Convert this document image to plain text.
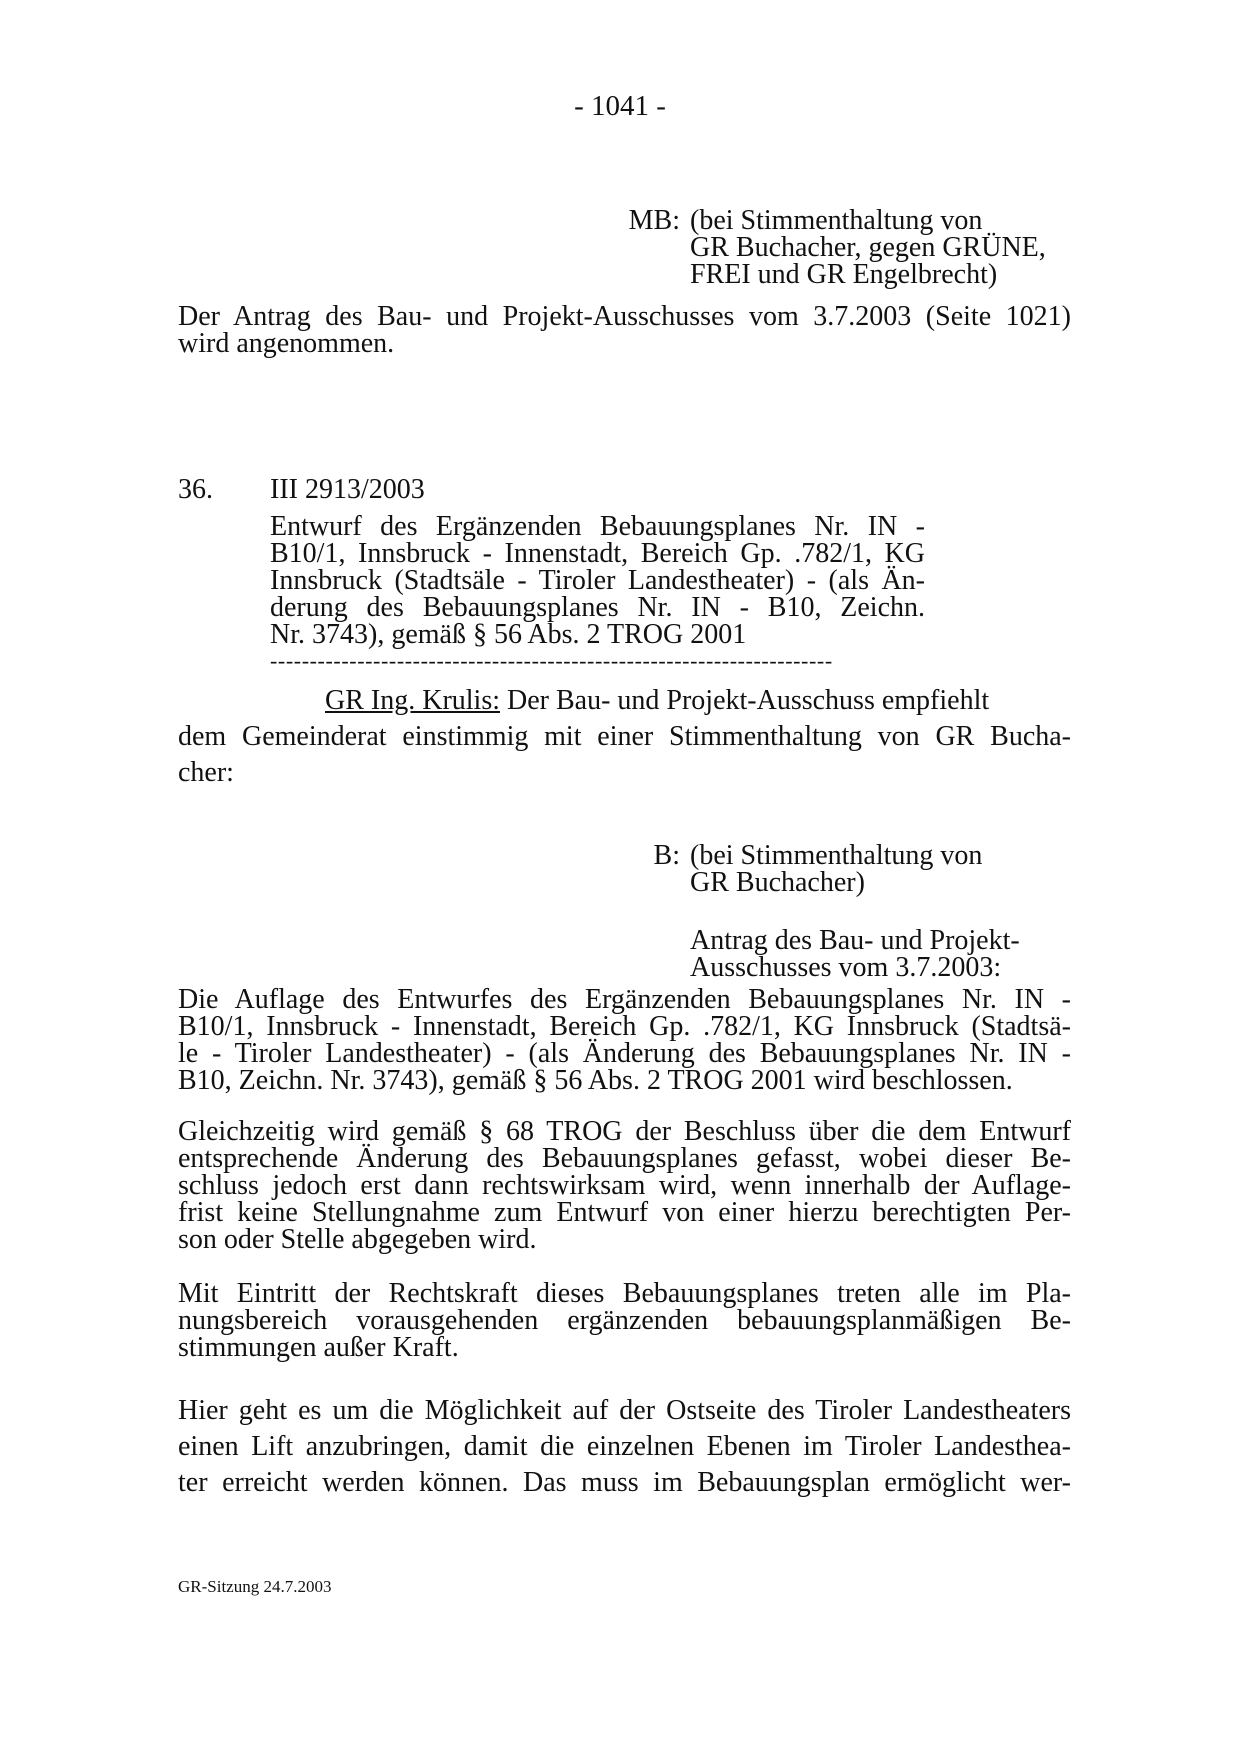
- 1041 -
MB: (bei Stimmenthaltung von
GR Buchacher, gegen GRÜNE,
FREI und GR Engelbrecht)
Der Antrag des Bau- und Projekt-Ausschusses vom 3.7.2003 (Seite 1021)
wird angenommen.
36. III 2913/2003
Entwurf des Ergänzenden Bebauungsplanes Nr. IN -
B10/1, Innsbruck - Innenstadt, Bereich Gp. .782/1, KG
Innsbruck (Stadtsäle - Tiroler Landestheater) - (als Än-
derung des Bebauungsplanes Nr. IN - B10, Zeichn.
Nr. 3743), gemäß § 56 Abs. 2 TROG 2001
-----------------------------------------------------------------------
GR Ing. Krulis: Der Bau- und Projekt-Ausschuss empfiehlt
dem Gemeinderat einstimmig mit einer Stimmenthaltung von GR Bucha-
cher:
B: (bei Stimmenthaltung von
GR Buchacher)
Antrag des Bau- und Projekt-
Ausschusses vom 3.7.2003:
Die Auflage des Entwurfes des Ergänzenden Bebauungsplanes Nr. IN -
B10/1, Innsbruck - Innenstadt, Bereich Gp. .782/1, KG Innsbruck (Stadtsä-
le - Tiroler Landestheater) - (als Änderung des Bebauungsplanes Nr. IN -
B10, Zeichn. Nr. 3743), gemäß § 56 Abs. 2 TROG 2001 wird beschlossen.
Gleichzeitig wird gemäß § 68 TROG der Beschluss über die dem Entwurf
entsprechende Änderung des Bebauungsplanes gefasst, wobei dieser Be-
schluss jedoch erst dann rechtswirksam wird, wenn innerhalb der Auflage-
frist keine Stellungnahme zum Entwurf von einer hierzu berechtigten Per-
son oder Stelle abgegeben wird.
Mit Eintritt der Rechtskraft dieses Bebauungsplanes treten alle im Pla-
nungsbereich vorausgehenden ergänzenden bebauungsplanmäßigen Be-
stimmungen außer Kraft.
Hier geht es um die Möglichkeit auf der Ostseite des Tiroler Landestheaters
einen Lift anzubringen, damit die einzelnen Ebenen im Tiroler Landesthea-
ter erreicht werden können. Das muss im Bebauungsplan ermöglicht wer-
GR-Sitzung 24.7.2003
